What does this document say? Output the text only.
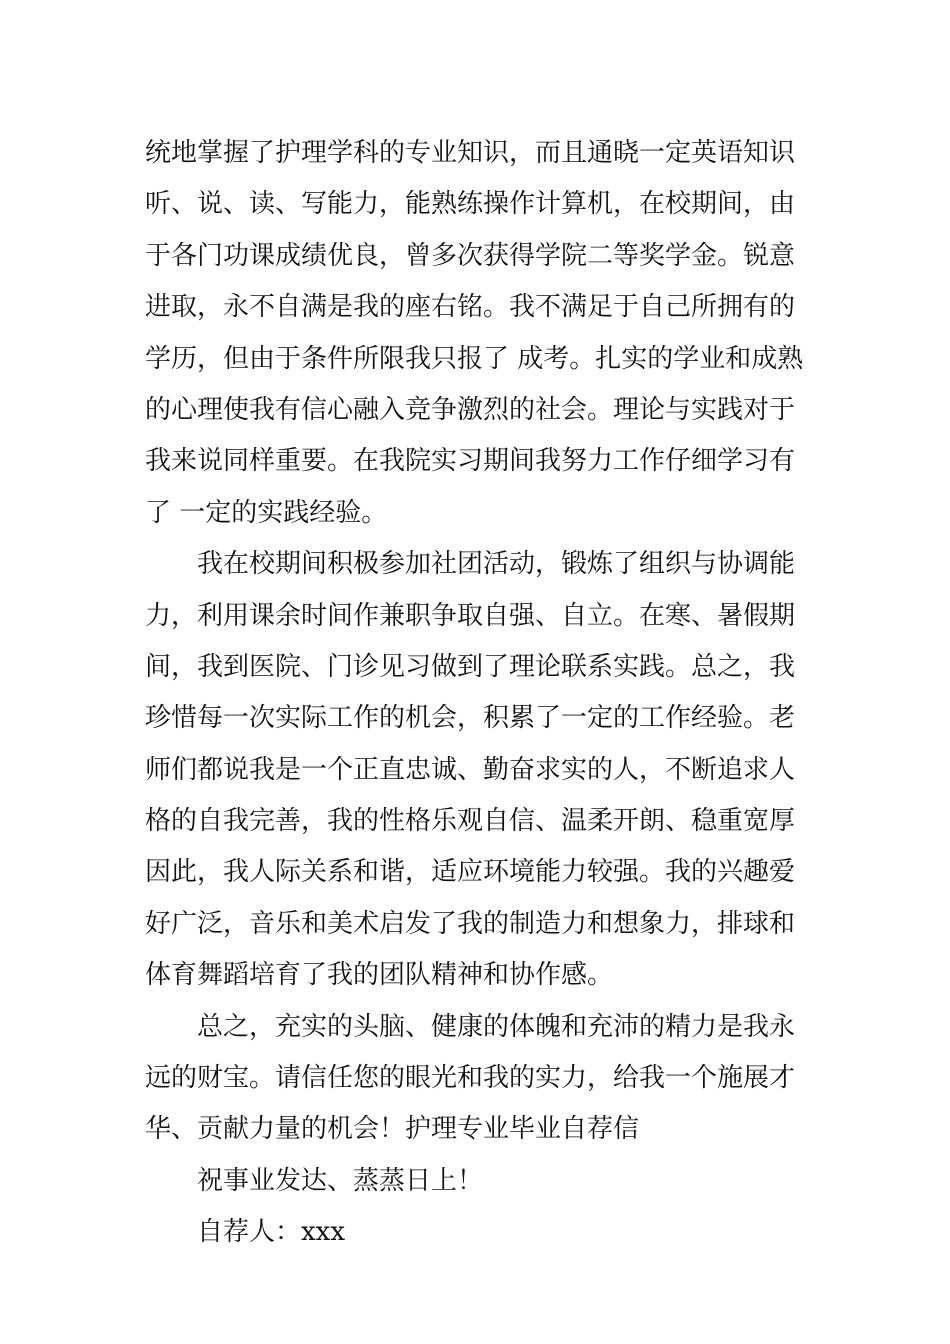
统地掌握了护理学科的专业知识，而且通晓一定英语知识
听、说、读、写能力，能熟练操作计算机，在校期间，由
于各门功课成绩优良，曾多次获得学院二等奖学金。锐意
进取，永不自满是我的座右铭。我不满足于自己所拥有的
学历，但由于条件所限我只报了 成考。扎实的学业和成熟
的心理使我有信心融入竞争激烈的社会。理论与实践对于
我来说同样重要。在我院实习期间我努力工作仔细学习有
了 一定的实践经验。
我在校期间积极参加社团活动，锻炼了组织与协调能
力，利用课余时间作兼职争取自强、自立。在寒、暑假期
间，我到医院、门诊见习做到了理论联系实践。总之，我
珍惜每一次实际工作的机会，积累了一定的工作经验。老
师们都说我是一个正直忠诚、勤奋求实的人，不断追求人
格的自我完善，我的性格乐观自信、温柔开朗、稳重宽厚
因此，我人际关系和谐，适应环境能力较强。我的兴趣爱
好广泛，音乐和美术启发了我的制造力和想象力，排球和
体育舞蹈培育了我的团队精神和协作感。
总之，充实的头脑、健康的体魄和充沛的精力是我永
远的财宝。请信任您的眼光和我的实力，给我一个施展才
华、贡献力量的机会！护理专业毕业自荐信
祝事业发达、蒸蒸日上！
自荐人：xxx
